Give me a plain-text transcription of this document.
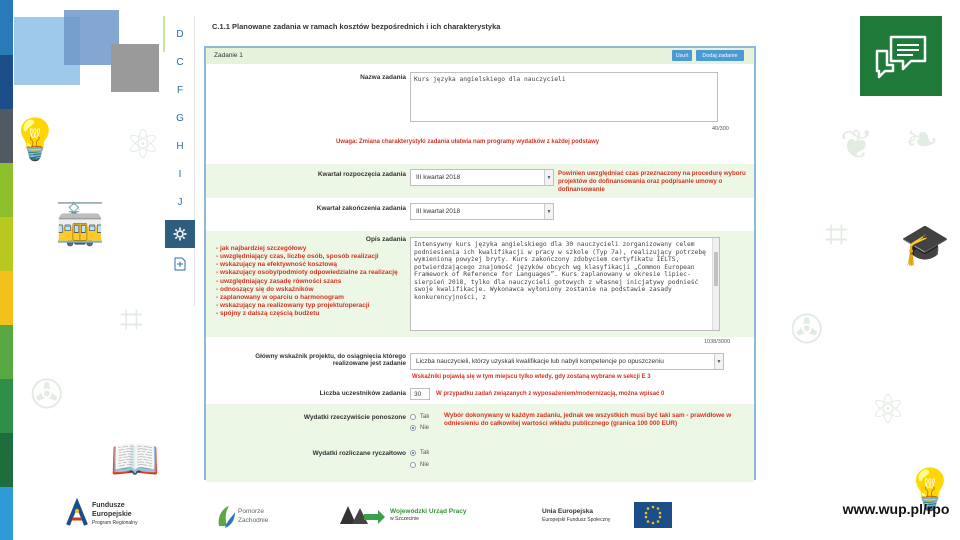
💡 ⚛
🚋
⌗
✇
📖
❦ ❧
⌗ 🎓
✇
⚛
💡
D
C
F
G
H
I
J
C.1.1 Planowane zadania w ramach kosztów bezpośrednich i ich charakterystyka
Zadanie 1	Usuń	Dodaj zadanie
Nazwa zadania Kurs języka angielskiego dla nauczycieli
40/300
Uwaga: Zmiana charakterystyki zadania ułatwia nam programy wydatków z każdej podstawy
Kwartał rozpoczęcia zadania	III kwartał 2018	▼
Powinien uwzględniać czas przeznaczony na procedurę wyboru projektów do dofinansowania oraz podpisanie umowy o dofinansowanie
Kwartał zakończenia zadania	III kwartał 2018	▼
Opis zadania
- jak najbardziej szczegółowy
- uwzględniający czas, liczbę osób, sposób realizacji
- wskazujący na efektywność kosztową
- wskazujący osoby/podmioty odpowiedzialne za realizację
- uwzględniający zasadę równości szans
- odnoszący się do wskaźników
- zaplanowany w oparciu o harmonogram
- wskazujący na realizowany typ projektu/operacji
- spójny z dalszą częścią budżetu
Intensywny kurs języka angielskiego dla 30 nauczycieli zorganizowany celem podniesienia ich kwalifikacji w pracy w szkole (Typ 7a), realizujący potrzebę wymienioną powyżej bryty. Kurs zakończony zdobyciem certyfikatu IELTS, potwierdzającego znajomość języków obcych wg klasyfikacji „Common European Framework of Reference for Languages”. Kurs zaplanowany w okresie lipiec-sierpień 2018, tylko dla nauczycieli gotowych z własnej inicjatywy podnieść swoje kwalifikacje. Wykonawca wyłoniony zostanie na podstawie zasady konkurencyjności, z
1038/3000
Główny wskaźnik projektu, do osiągnięcia którego realizowane jest zadanie	Liczba nauczycieli, którzy uzyskali kwalifikacje lub nabyli kompetencje po opuszczeniu	▼
Wskaźniki pojawią się w tym miejscu tylko wtedy, gdy zostaną wybrane w sekcji E 3
Liczba uczestników zadania	30	W przypadku zadań związanych z wyposażeniem/modernizacją, można wpisać 0
Wydatki rzeczywiście ponoszone Tak
Nie
Wybór dokonywany w każdym zadaniu, jednak we wszystkich musi być taki sam - prawidłowe w odniesieniu do całkowitej wartości wkładu publicznego (granica 100 000 EUR)
Wydatki rozliczane ryczałtowo Tak
Nie
Fundusze
Europejskie
Program Regionalny
Pomorze
Zachodnie
Wojewódzki Urząd Pracy
w Szczecinie
Unia Europejska
Europejski Fundusz Społeczny
www.wup.pl/rpo
